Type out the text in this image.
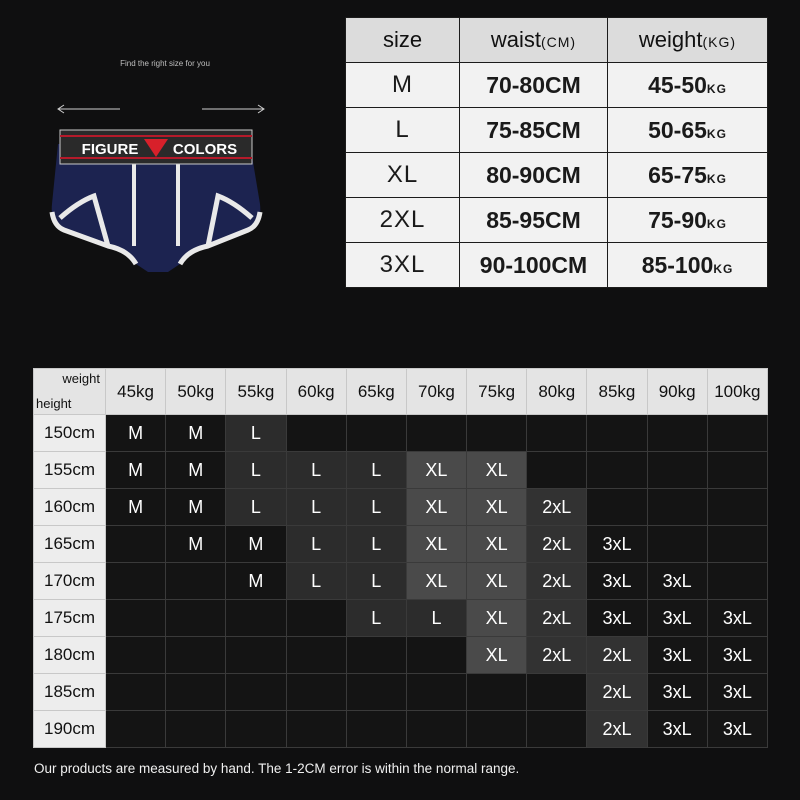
Find the right size for you
FIGURE COLORS
size	waist(CM)	weight(KG)
M	70-80CM	45-50KG
L	75-85CM	50-65KG
XL	80-90CM	65-75KG
2XL	85-95CM	75-90KG
3XL	90-100CM	85-100KG
weight
height	45kg	50kg	55kg	60kg	65kg	70kg	75kg	80kg	85kg	90kg	100kg
150cm	M	M	L								
155cm	M	M	L	L	L	XL	XL				
160cm	M	M	L	L	L	XL	XL	2xL			
165cm		M	M	L	L	XL	XL	2xL	3xL		
170cm			M	L	L	XL	XL	2xL	3xL	3xL	
175cm					L	L	XL	2xL	3xL	3xL	3xL
180cm							XL	2xL	2xL	3xL	3xL
185cm									2xL	3xL	3xL
190cm									2xL	3xL	3xL
Our products are measured by hand. The 1-2CM error is within the normal range.
